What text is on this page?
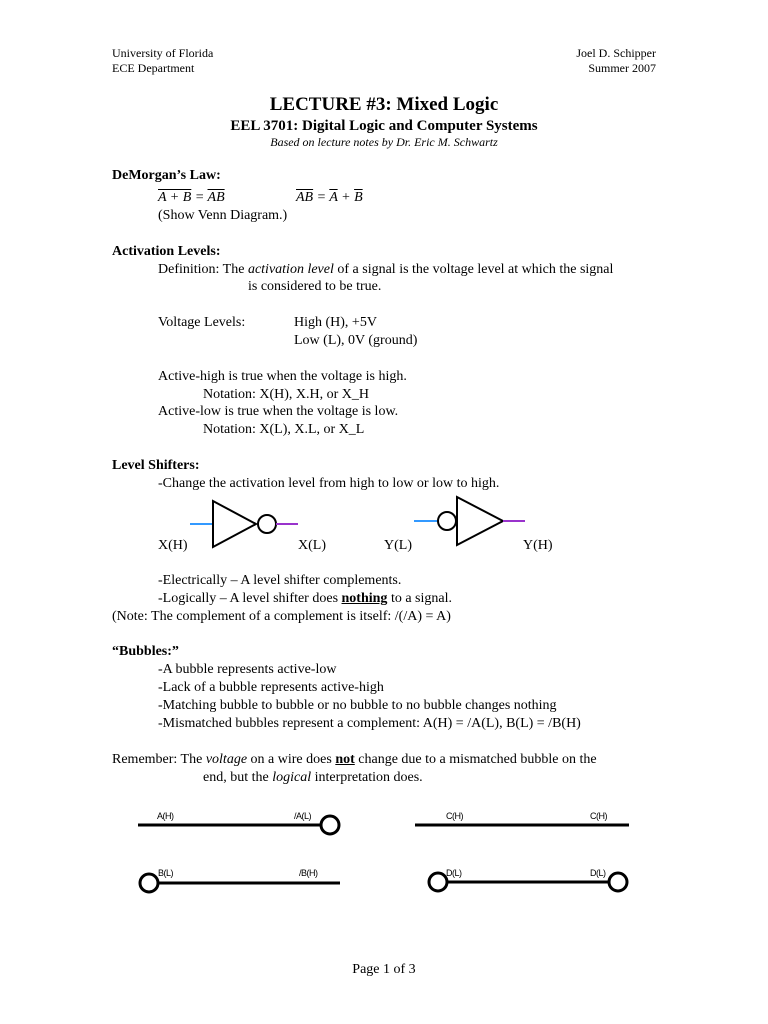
University of Florida
ECE Department
Joel D. Schipper
Summer 2007
LECTURE #3: Mixed Logic
EEL 3701: Digital Logic and Computer Systems
Based on lecture notes by Dr. Eric M. Schwartz
DeMorgan’s Law:
$A + B = \overline{AB}$	$\overline{AB} = \overline{A} + \overline{B}$
(Show Venn Diagram.)
Activation Levels:
Definition: The activation level of a signal is the voltage level at which the signal
is considered to be true.
Voltage Levels:	High (H), +5V
Low (L), 0V (ground)
Active-high is true when the voltage is high.
Notation: X(H), X.H, or X_H
Active-low is true when the voltage is low.
Notation: X(L), X.L, or X_L
Level Shifters:
-Change the activation level from high to low or low to high.
X(H)	X(L)	Y(L)	Y(H)
-Electrically – A level shifter complements.
-Logically – A level shifter does nothing to a signal.
(Note: The complement of a complement is itself: /(/A) = A)
“Bubbles:”
-A bubble represents active-low
-Lack of a bubble represents active-high
-Matching bubble to bubble or no bubble to no bubble changes nothing
-Mismatched bubbles represent a complement: A(H) = /A(L), B(L) = /B(H)
Remember: The voltage on a wire does not change due to a mismatched bubble on the
end, but the logical interpretation does.
A(H)	/A(L)
B(L)	/B(H)
C(H)	C(H)
D(L)	D(L)
Page 1 of 3
